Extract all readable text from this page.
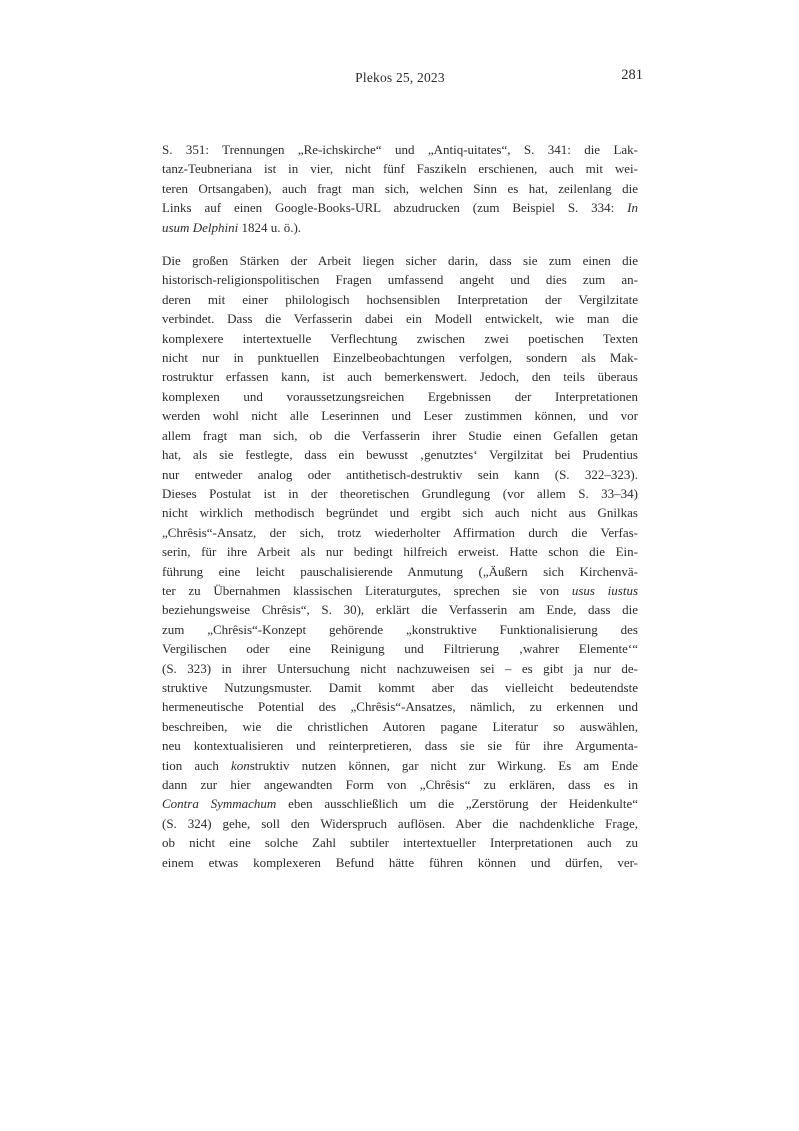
Plekos 25, 2023	281
S. 351: Trennungen „Re-ichskirche“ und „Antiq-uitates“, S. 341: die Lak-
tanz-Teubneriana ist in vier, nicht fünf Faszikeln erschienen, auch mit wei-
teren Ortsangaben), auch fragt man sich, welchen Sinn es hat, zeilenlang die
Links auf einen Google-Books-URL abzudrucken (zum Beispiel S. 334: In
usum Delphini 1824 u. ö.).
Die großen Stärken der Arbeit liegen sicher darin, dass sie zum einen die
historisch-religionspolitischen Fragen umfassend angeht und dies zum an-
deren mit einer philologisch hochsensiblen Interpretation der Vergilzitate
verbindet. Dass die Verfasserin dabei ein Modell entwickelt, wie man die
komplexere intertextuelle Verflechtung zwischen zwei poetischen Texten
nicht nur in punktuellen Einzelbeobachtungen verfolgen, sondern als Mak-
rostruktur erfassen kann, ist auch bemerkenswert. Jedoch, den teils überaus
komplexen und voraussetzungsreichen Ergebnissen der Interpretationen
werden wohl nicht alle Leserinnen und Leser zustimmen können, und vor
allem fragt man sich, ob die Verfasserin ihrer Studie einen Gefallen getan
hat, als sie festlegte, dass ein bewusst ‚genutztes‘ Vergilzitat bei Prudentius
nur entweder analog oder antithetisch-destruktiv sein kann (S. 322–323).
Dieses Postulat ist in der theoretischen Grundlegung (vor allem S. 33–34)
nicht wirklich methodisch begründet und ergibt sich auch nicht aus Gnilkas
„Chrêsis“-Ansatz, der sich, trotz wiederholter Affirmation durch die Verfas-
serin, für ihre Arbeit als nur bedingt hilfreich erweist. Hatte schon die Ein-
führung eine leicht pauschalisierende Anmutung („Äußern sich Kirchenvä-
ter zu Übernahmen klassischen Literaturgutes, sprechen sie von usus iustus
beziehungsweise Chrêsis“, S. 30), erklärt die Verfasserin am Ende, dass die
zum „Chrêsis“-Konzept gehörende „konstruktive Funktionalisierung des
Vergilischen oder eine Reinigung und Filtrierung ‚wahrer Elemente‘“
(S. 323) in ihrer Untersuchung nicht nachzuweisen sei – es gibt ja nur de-
struktive Nutzungsmuster. Damit kommt aber das vielleicht bedeutendste
hermeneutische Potential des „Chrêsis“-Ansatzes, nämlich, zu erkennen und
beschreiben, wie die christlichen Autoren pagane Literatur so auswählen,
neu kontextualisieren und reinterpretieren, dass sie sie für ihre Argumenta-
tion auch konstruktiv nutzen können, gar nicht zur Wirkung. Es am Ende
dann zur hier angewandten Form von „Chrêsis“ zu erklären, dass es in
Contra Symmachum eben ausschließlich um die „Zerstörung der Heidenkulte“
(S. 324) gehe, soll den Widerspruch auflösen. Aber die nachdenkliche Frage,
ob nicht eine solche Zahl subtiler intertextueller Interpretationen auch zu
einem etwas komplexeren Befund hätte führen können und dürfen, ver-
